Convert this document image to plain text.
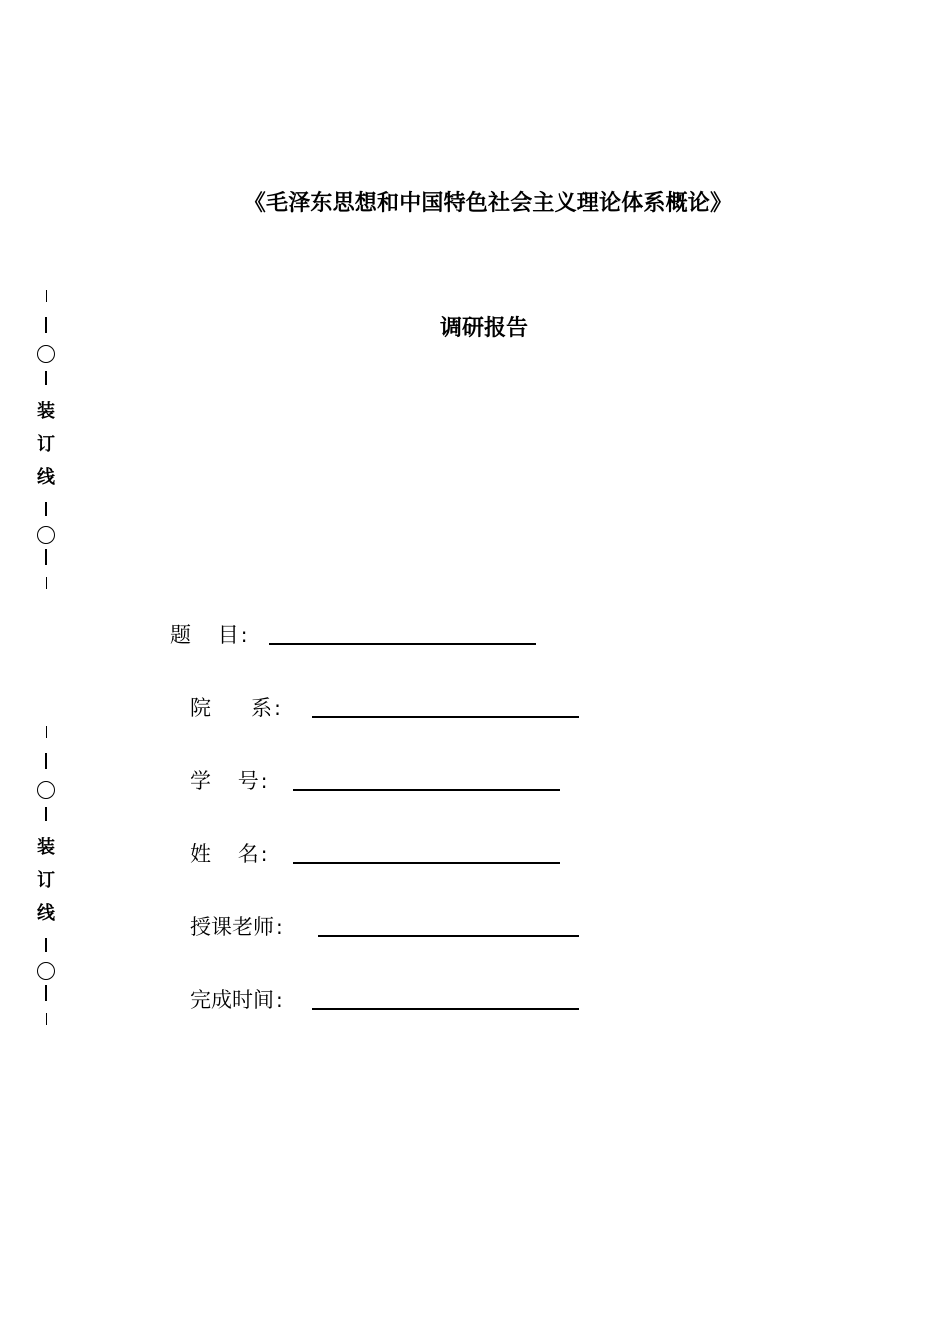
《毛泽东思想和中国特色社会主义理论体系概论》
调研报告
装
订
线
装
订
线
题    目 :
院      系 :
学    号 :
姓    名 :
授课老师 :
完成时间 :
